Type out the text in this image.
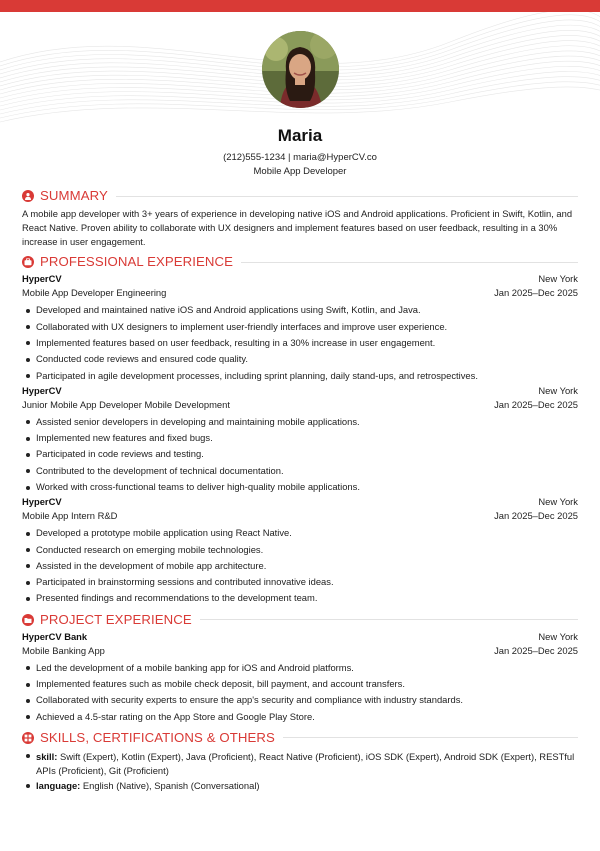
Maria
(212)555-1234 | maria@HyperCV.co
Mobile App Developer
SUMMARY
A mobile app developer with 3+ years of experience in developing native iOS and Android applications. Proficient in Swift, Kotlin, and React Native. Proven ability to collaborate with UX designers and implement features based on user feedback, resulting in a 30% increase in user engagement.
PROFESSIONAL EXPERIENCE
HyperCV	New York
Mobile App Developer Engineering	Jan 2025–Dec 2025
Developed and maintained native iOS and Android applications using Swift, Kotlin, and Java.
Collaborated with UX designers to implement user-friendly interfaces and improve user experience.
Implemented features based on user feedback, resulting in a 30% increase in user engagement.
Conducted code reviews and ensured code quality.
Participated in agile development processes, including sprint planning, daily stand-ups, and retrospectives.
HyperCV	New York
Junior Mobile App Developer Mobile Development	Jan 2025–Dec 2025
Assisted senior developers in developing and maintaining mobile applications.
Implemented new features and fixed bugs.
Participated in code reviews and testing.
Contributed to the development of technical documentation.
Worked with cross-functional teams to deliver high-quality mobile applications.
HyperCV	New York
Mobile App Intern R&D	Jan 2025–Dec 2025
Developed a prototype mobile application using React Native.
Conducted research on emerging mobile technologies.
Assisted in the development of mobile app architecture.
Participated in brainstorming sessions and contributed innovative ideas.
Presented findings and recommendations to the development team.
PROJECT EXPERIENCE
HyperCV Bank	New York
Mobile Banking App	Jan 2025–Dec 2025
Led the development of a mobile banking app for iOS and Android platforms.
Implemented features such as mobile check deposit, bill payment, and account transfers.
Collaborated with security experts to ensure the app's security and compliance with industry standards.
Achieved a 4.5-star rating on the App Store and Google Play Store.
SKILLS, CERTIFICATIONS & OTHERS
skill: Swift (Expert), Kotlin (Expert), Java (Proficient), React Native (Proficient), iOS SDK (Expert), Android SDK (Expert), RESTful APIs (Proficient), Git (Proficient)
language: English (Native), Spanish (Conversational)
